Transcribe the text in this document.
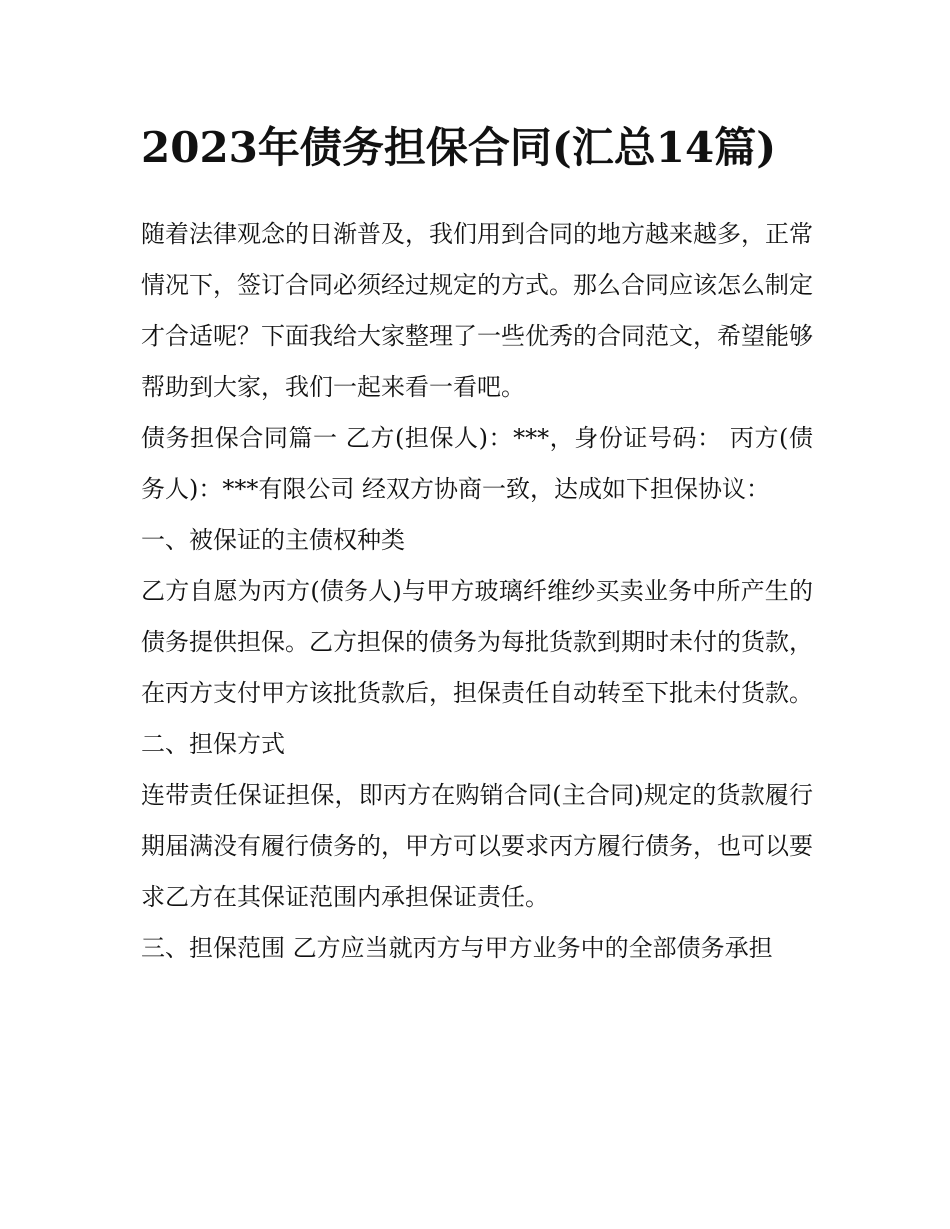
2023年债务担保合同(汇总14篇)

随着法律观念的日渐普及，我们用到合同的地方越来越多，正常情况下，签订合同必须经过规定的方式。那么合同应该怎么制定才合适呢？下面我给大家整理了一些优秀的合同范文，希望能够帮助到大家，我们一起来看一看吧。

债务担保合同篇一 乙方(担保人)：***，身份证号码： 丙方(债务人)：***有限公司 经双方协商一致，达成如下担保协议：

一、被保证的主债权种类

乙方自愿为丙方(债务人)与甲方玻璃纤维纱买卖业务中所产生的债务提供担保。乙方担保的债务为每批货款到期时未付的货款，在丙方支付甲方该批货款后，担保责任自动转至下批未付货款。

二、担保方式

连带责任保证担保，即丙方在购销合同(主合同)规定的货款履行期届满没有履行债务的，甲方可以要求丙方履行债务，也可以要求乙方在其保证范围内承担保证责任。

三、担保范围 乙方应当就丙方与甲方业务中的全部债务承担
